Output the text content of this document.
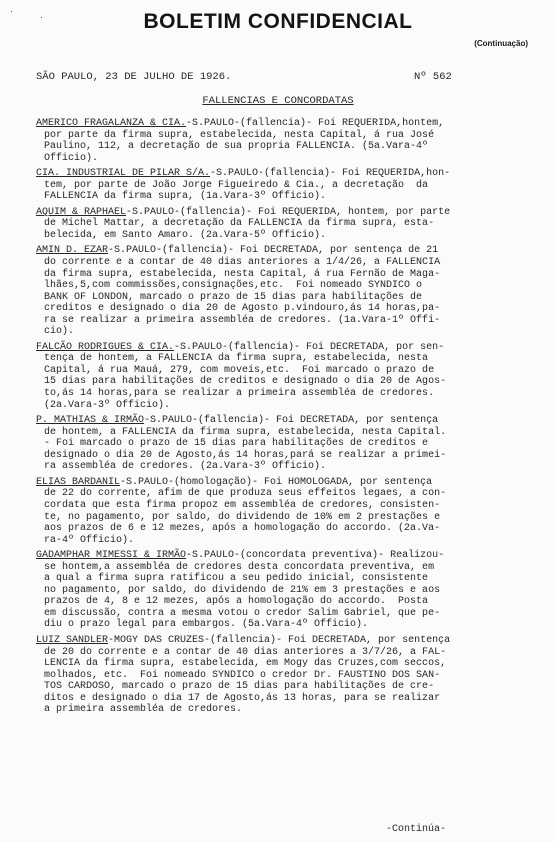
·
·	BOLETIM CONFIDENCIAL
(Continuação)
SÃO PAULO, 23 DE JULHO DE 1926.	Nº 562
FALLENCIAS E CONCORDATAS
AMERICO FRAGALANZA & CIA.-S.PAULO-(fallencia)- Foi REQUERIDA,hontem,
por parte da firma supra, estabelecida, nesta Capital, á rua José
Paulino, 112, a decretação de sua propria FALLENCIA. (5a.Vara-4º
Officio).
CIA. INDUSTRIAL DE PILAR S/A.-S.PAULO-(fallencia)- Foi REQUERIDA,hon-
tem, por parte de João Jorge Figueiredo & Cia., a decretação  da
FALLENCIA da firma supra, (1a.Vara-3º Officio).
AQUIM & RAPHAEL-S.PAULO-(fallencia)- Foi REQUERIDA, hontem, por parte
de Michel Mattar, a decretação da FALLENCIA da firma supra, esta-
belecida, em Santo Amaro. (2a.Vara-5º Officio).
AMIN D. EZAR-S.PAULO-(fallencia)- Foi DECRETADA, por sentença de 21
do corrente e a contar de 40 dias anteriores a 1/4/26, a FALLENCIA
da firma supra, estabelecida, nesta Capital, á rua Fernão de Maga-
lhães,5,com commissões,consignações,etc.  Foi nomeado SYNDICO o
BANK OF LONDON, marcado o prazo de 15 dias para habilitações de
creditos e designado o dia 20 de Agosto p.vindouro,ás 14 horas,pa-
ra se realizar a primeira assembléa de credores. (1a.Vara-1º Offi-
cio).
FALCÃO RODRIGUES & CIA.-S.PAULO-(fallencia)- Foi DECRETADA, por sen-
tença de hontem, a FALLENCIA da firma supra, estabelecida, nesta
Capital, á rua Mauá, 279, com moveis,etc.  Foi marcado o prazo de
15 dias para habilitações de creditos e designado o dia 20 de Agos-
to,ás 14 horas,para se realizar a primeira assembléa de credores.
(2a.Vara-3º Officio).
P. MATHIAS & IRMÃO-S.PAULO-(fallencia)- Foi DECRETADA, por sentença
de hontem, a FALLENCIA da firma supra, estabelecida, nesta Capital.
- Foi marcado o prazo de 15 dias para habilitações de creditos e
designado o dia 20 de Agosto,ás 14 horas,pará se realizar a primei-
ra assembléa de credores. (2a.Vara-3º Officio).
ELIAS BARDANIL-S.PAULO-(homologação)- Foi HOMOLOGADA, por sentença
de 22 do corrente, afim de que produza seus effeitos legaes, a con-
cordata que esta firma propoz em assembléa de credores, consisten-
te, no pagamento, por saldo, do dividendo de 10% em 2 prestações e
aos prazos de 6 e 12 mezes, após a homologação do accordo. (2a.Va-
ra-4º Officio).
GADAMPHAR MIMESSI & IRMÃO-S.PAULO-(concordata preventiva)- Realizou-
se hontem,a assembléa de credores desta concordata preventiva, em
a qual a firma supra ratificou a seu pedido inicial, consistente
no pagamento, por saldo, do dividendo de 21% em 3 prestações e aos
prazos de 4, 8 e 12 mezes, após a homologação do accordo.  Posta
em discussão, contra a mesma votou o credor Salim Gabriel, que pe-
diu o prazo legal para embargos. (5a.Vara-4º Officio).
LUIZ SANDLER-MOGY DAS CRUZES-(fallencia)- Foi DECRETADA, por sentença
de 20 do corrente e a contar de 40 dias anteriores a 3/7/26, a FAL-
LENCIA da firma supra, estabelecida, em Mogy das Cruzes,com seccos,
molhados, etc.  Foi nomeado SYNDICO o credor Dr. FAUSTINO DOS SAN-
TOS CARDOSO, marcado o prazo de 15 dias para habilitações de cre-
ditos e designado o dia 17 de Agosto,ás 13 horas, para se realizar
a primeira assembléa de credores.
-Continúa-
